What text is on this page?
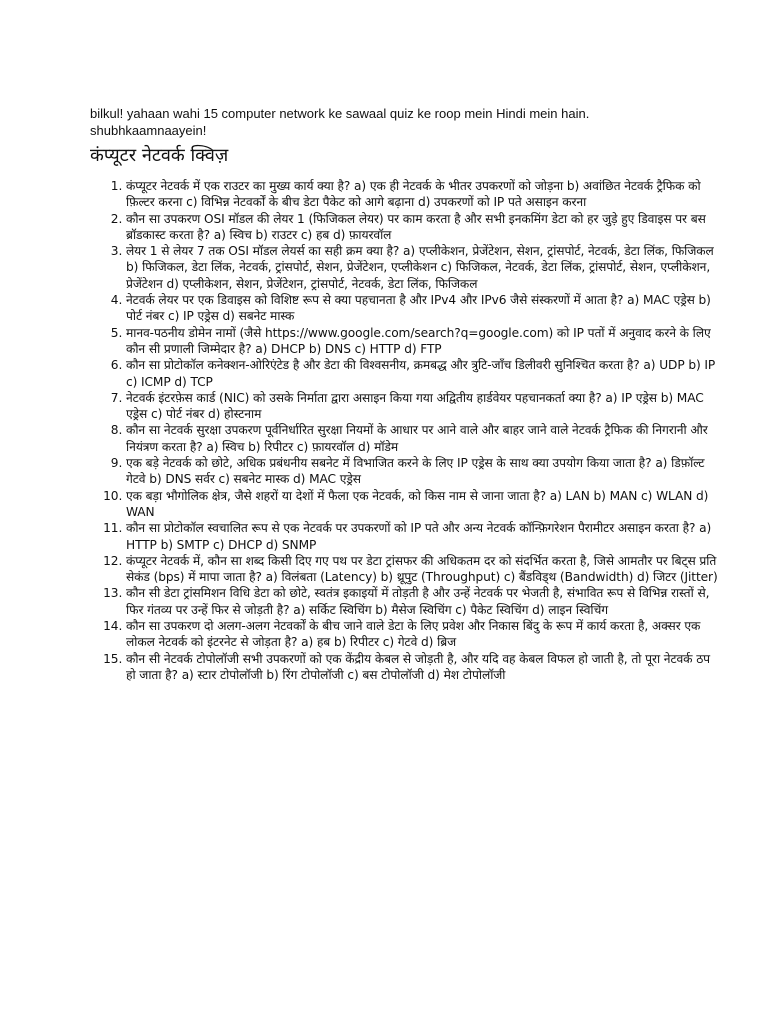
bilkul! yahaan wahi 15 computer network ke sawaal quiz ke roop mein Hindi mein hain. shubhkaamnaayein!

कंप्यूटर नेटवर्क क्विज़
1. कंप्यूटर नेटवर्क में एक राउटर का मुख्य कार्य क्या है? a) एक ही नेटवर्क के भीतर उपकरणों को जोड़ना b) अवांछित नेटवर्क ट्रैफिक को फ़िल्टर करना c) विभिन्न नेटवर्कों के बीच डेटा पैकेट को आगे बढ़ाना d) उपकरणों को IP पते असाइन करना
2. कौन सा उपकरण OSI मॉडल की लेयर 1 (फिजिकल लेयर) पर काम करता है और सभी इनकमिंग डेटा को हर जुड़े हुए डिवाइस पर बस ब्रॉडकास्ट करता है? a) स्विच b) राउटर c) हब d) फ़ायरवॉल
3. लेयर 1 से लेयर 7 तक OSI मॉडल लेयर्स का सही क्रम क्या है? a) एप्लीकेशन, प्रेजेंटेशन, सेशन, ट्रांसपोर्ट, नेटवर्क, डेटा लिंक, फिजिकल b) फिजिकल, डेटा लिंक, नेटवर्क, ट्रांसपोर्ट, सेशन, प्रेजेंटेशन, एप्लीकेशन c) फिजिकल, नेटवर्क, डेटा लिंक, ट्रांसपोर्ट, सेशन, एप्लीकेशन, प्रेजेंटेशन d) एप्लीकेशन, सेशन, प्रेजेंटेशन, ट्रांसपोर्ट, नेटवर्क, डेटा लिंक, फिजिकल
4. नेटवर्क लेयर पर एक डिवाइस को विशिष्ट रूप से क्या पहचानता है और IPv4 और IPv6 जैसे संस्करणों में आता है? a) MAC एड्रेस b) पोर्ट नंबर c) IP एड्रेस d) सबनेट मास्क
5. मानव-पठनीय डोमेन नामों (जैसे https://www.google.com/search?q=google.com) को IP पतों में अनुवाद करने के लिए कौन सी प्रणाली जिम्मेदार है? a) DHCP b) DNS c) HTTP d) FTP
6. कौन सा प्रोटोकॉल कनेक्शन-ओरिएंटेड है और डेटा की विश्वसनीय, क्रमबद्ध और त्रुटि-जाँच डिलीवरी सुनिश्चित करता है? a) UDP b) IP c) ICMP d) TCP
7. नेटवर्क इंटरफ़ेस कार्ड (NIC) को उसके निर्माता द्वारा असाइन किया गया अद्वितीय हार्डवेयर पहचानकर्ता क्या है? a) IP एड्रेस b) MAC एड्रेस c) पोर्ट नंबर d) होस्टनाम
8. कौन सा नेटवर्क सुरक्षा उपकरण पूर्वनिर्धारित सुरक्षा नियमों के आधार पर आने वाले और बाहर जाने वाले नेटवर्क ट्रैफिक की निगरानी और नियंत्रण करता है? a) स्विच b) रिपीटर c) फ़ायरवॉल d) मॉडेम
9. एक बड़े नेटवर्क को छोटे, अधिक प्रबंधनीय सबनेट में विभाजित करने के लिए IP एड्रेस के साथ क्या उपयोग किया जाता है? a) डिफ़ॉल्ट गेटवे b) DNS सर्वर c) सबनेट मास्क d) MAC एड्रेस
10. एक बड़ा भौगोलिक क्षेत्र, जैसे शहरों या देशों में फैला एक नेटवर्क, को किस नाम से जाना जाता है? a) LAN b) MAN c) WLAN d) WAN
11. कौन सा प्रोटोकॉल स्वचालित रूप से एक नेटवर्क पर उपकरणों को IP पते और अन्य नेटवर्क कॉन्फ़िगरेशन पैरामीटर असाइन करता है? a) HTTP b) SMTP c) DHCP d) SNMP
12. कंप्यूटर नेटवर्क में, कौन सा शब्द किसी दिए गए पथ पर डेटा ट्रांसफर की अधिकतम दर को संदर्भित करता है, जिसे आमतौर पर बिट्स प्रति सेकंड (bps) में मापा जाता है? a) विलंबता (Latency) b) थ्रूपुट (Throughput) c) बैंडविड्थ (Bandwidth) d) जिटर (Jitter)
13. कौन सी डेटा ट्रांसमिशन विधि डेटा को छोटे, स्वतंत्र इकाइयों में तोड़ती है और उन्हें नेटवर्क पर भेजती है, संभावित रूप से विभिन्न रास्तों से, फिर गंतव्य पर उन्हें फिर से जोड़ती है? a) सर्किट स्विचिंग b) मैसेज स्विचिंग c) पैकेट स्विचिंग d) लाइन स्विचिंग
14. कौन सा उपकरण दो अलग-अलग नेटवर्कों के बीच जाने वाले डेटा के लिए प्रवेश और निकास बिंदु के रूप में कार्य करता है, अक्सर एक लोकल नेटवर्क को इंटरनेट से जोड़ता है? a) हब b) रिपीटर c) गेटवे d) ब्रिज
15. कौन सी नेटवर्क टोपोलॉजी सभी उपकरणों को एक केंद्रीय केबल से जोड़ती है, और यदि वह केबल विफल हो जाती है, तो पूरा नेटवर्क ठप हो जाता है? a) स्टार टोपोलॉजी b) रिंग टोपोलॉजी c) बस टोपोलॉजी d) मेश टोपोलॉजी
